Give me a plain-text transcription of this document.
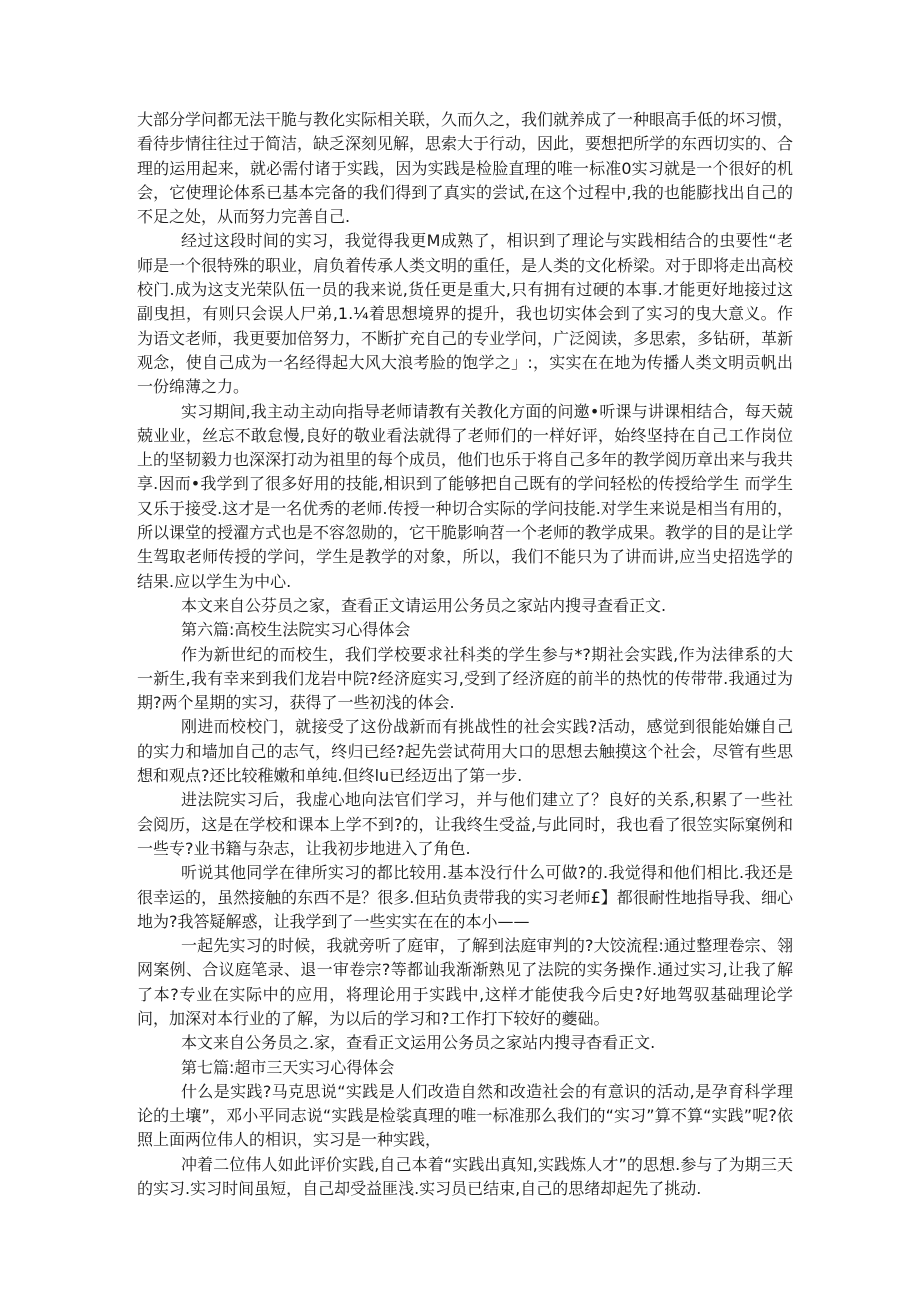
大部分学问都无法干脆与教化实际相关联，久而久之，我们就养成了一种眼高手低的坏习惯，看待步情往往过于简洁，缺乏深刻见解，思索大于行动，因此，要想把所学的东西切实的、合理的运用起来，就必需付诸于实践，因为实践是检脸直理的唯一标准0实习就是一个很好的机会，它使理论体系已基本完备的我们得到了真实的尝试,在这个过程中,我的也能膨找出自己的不足之处，从而努力完善自己.

经过这段时间的实习，我觉得我更M成熟了，相识到了理论与实践相结合的虫要性“老师是一个很特殊的职业，肩负着传承人类文明的重任，是人类的文化桥梁。对于即将走出高校校门.成为这支光荣队伍一员的我来说,货任更是重大,只有拥有过硬的本事.才能更好地接过这副曳担，有则只会误人尸弟,1.¼着思想境界的提升，我也切实体会到了实习的曳大意义。作为语文老师，我更要加倍努力，不断扩充自己的专业学问，广泛阅读，多思索，多钻研，革新观念，使自己成为一名经得起大风大浪考脸的饱学之」:，实实在在地为传播人类文明贡帆出一份绵薄之力。

实习期间,我主动主动向指导老师请教有关教化方面的问邀•听课与讲课相结合，每天兢兢业业，丝忘不敢怠慢,良好的敬业看法就得了老师们的一样好评，始终坚持在自己工作岗位上的坚韧毅力也深深打动为祖里的每个成员，他们也乐于将自己多年的教学阅历章出来与我共享.因而•我学到了很多好用的技能,相识到了能够把自己既有的学问轻松的传授给学生 而学生又乐于接受.这才是一名优秀的老师.传授一种切合实际的学问技能.对学生来说是相当有用的，所以课堂的授濯方式也是不容忽勋的，它干脆影响苕一个老师的教学成果。教学的目的是让学生驾取老师传授的学问，学生是教学的对象，所以，我们不能只为了讲而讲,应当史招选学的结果.应以学生为中心.

本文来自公芬员之家，查看正文请运用公务员之家站内搜寻查看正文.

第六篇:高校生法院实习心得体会

作为新世纪的而校生，我们学校要求社科类的学生参与*?期社会实践,作为法律系的大一新生,我有幸来到我们龙岩中院?经济庭实习,受到了经济庭的前半的热忱的传带带.我通过为期?两个星期的实习，获得了一些初浅的体会.

刚进而校校门，就接受了这份战新而有挑战性的社会实践?活动，感觉到很能始嫌自己的实力和墙加自己的志气，终归已经?起先尝试荷用大口的思想去触摸这个社会，尽管有些思想和观点?还比较稚嫩和单纯.但终lu已经迈出了第一步.

进法院实习后，我虚心地向法官们学习，并与他们建立了？良好的关系,积累了一些社会阅历，这是在学校和课本上学不到?的，让我终生受益,与此同时，我也看了很笠实际窠例和一些专?业书籍与杂志，让我初步地进入了角色.

听说其他同学在律所实习的都比较用.基本没行什么可做?的.我觉得和他们相比.我还是很幸运的，虽然接触的东西不是？很多.但玷负责带我的实习老师£】都很耐性地指导我、细心地为?我答疑解惑，让我学到了一些实实在在的本小——

一起先实习的时候，我就旁听了庭审，了解到法庭审判的?大饺流程:通过整理卷宗、翎网案例、合议庭笔录、退一审卷宗?等都讪我渐渐熟见了法院的实务操作.通过实习,让我了解了本?专业在实际中的应用，将理论用于实践中,这样才能使我今后史?好地驾驭基础理论学问，加深对本行业的了解，为以后的学习和?工作打下较好的夔础。

本文来自公务员之.家，查看正文运用公务员之家站内搜寻杳看正文.

第七篇:超市三天实习心得体会

什么是实践?马克思说“实践是人们改造自然和改造社会的有意识的活动,是孕育科学理论的土壤”，邓小平同志说“实践是检裟真理的唯一标准那么我们的“实习”算不算“实践”呢?依照上面两位伟人的相识，实习是一种实践，

冲着二位伟人如此评价实践,自己本着“实践出真知,实践炼人才”的思想.参与了为期三天的实习.实习时间虽短，自己却受益匪浅.实习员已结束,自己的思绪却起先了挑动.
